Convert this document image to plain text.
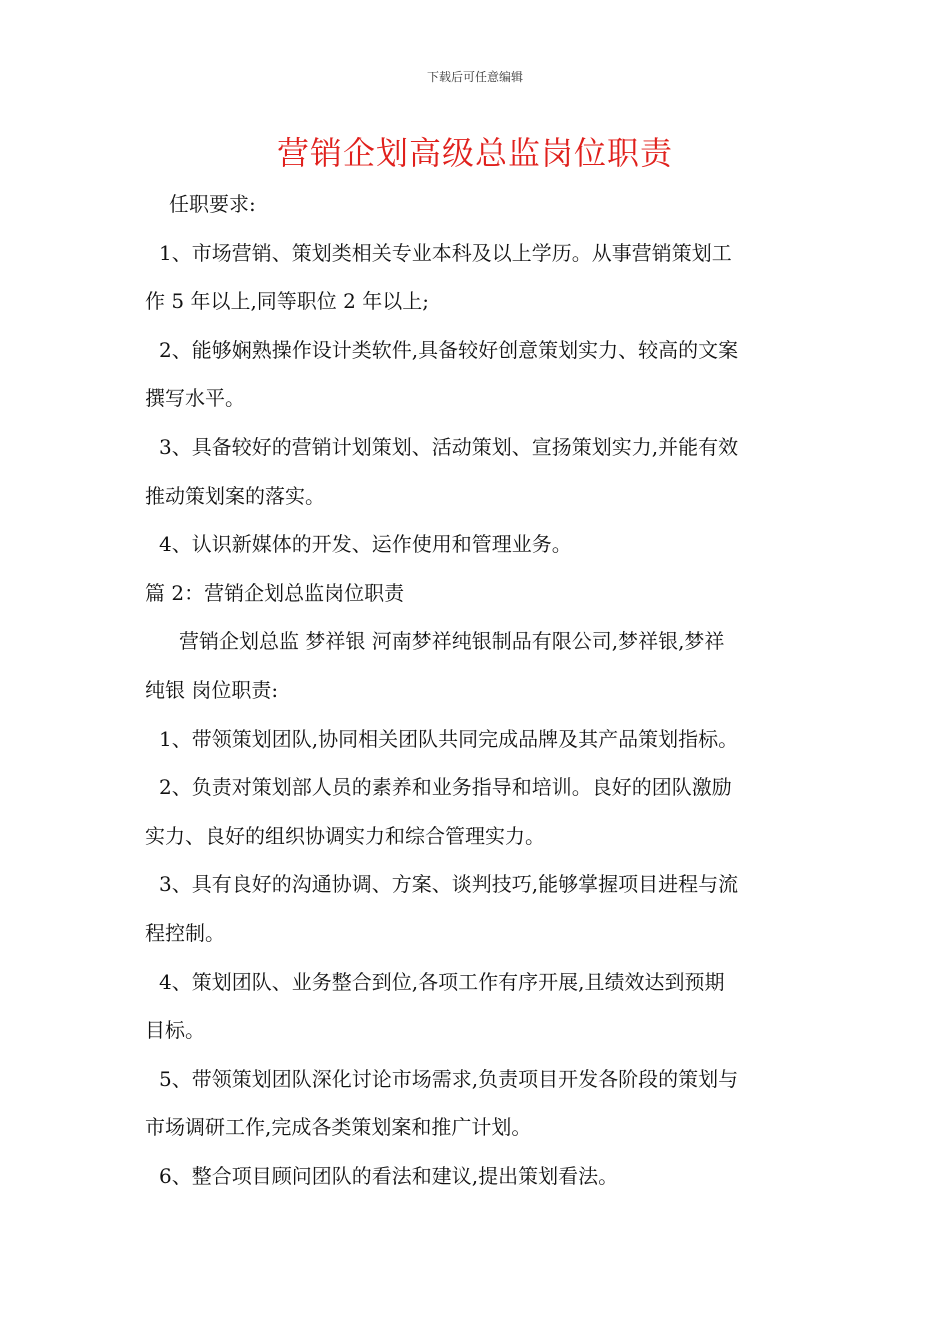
下载后可任意编辑
营销企划高级总监岗位职责

任职要求:

1、市场营销、策划类相关专业本科及以上学历。从事营销策划工

作 5 年以上,同等职位 2 年以上;

2、能够娴熟操作设计类软件,具备较好创意策划实力、较高的文案

撰写水平。

3、具备较好的营销计划策划、活动策划、宣扬策划实力,并能有效

推动策划案的落实。

4、认识新媒体的开发、运作使用和管理业务。

篇 2：营销企划总监岗位职责

营销企划总监 梦祥银 河南梦祥纯银制品有限公司,梦祥银,梦祥

纯银 岗位职责:

1、带领策划团队,协同相关团队共同完成品牌及其产品策划指标。

2、负责对策划部人员的素养和业务指导和培训。良好的团队激励

实力、良好的组织协调实力和综合管理实力。

3、具有良好的沟通协调、方案、谈判技巧,能够掌握项目进程与流

程控制。

4、策划团队、业务整合到位,各项工作有序开展,且绩效达到预期

目标。

5、带领策划团队深化讨论市场需求,负责项目开发各阶段的策划与

市场调研工作,完成各类策划案和推广计划。

6、整合项目顾问团队的看法和建议,提出策划看法。
